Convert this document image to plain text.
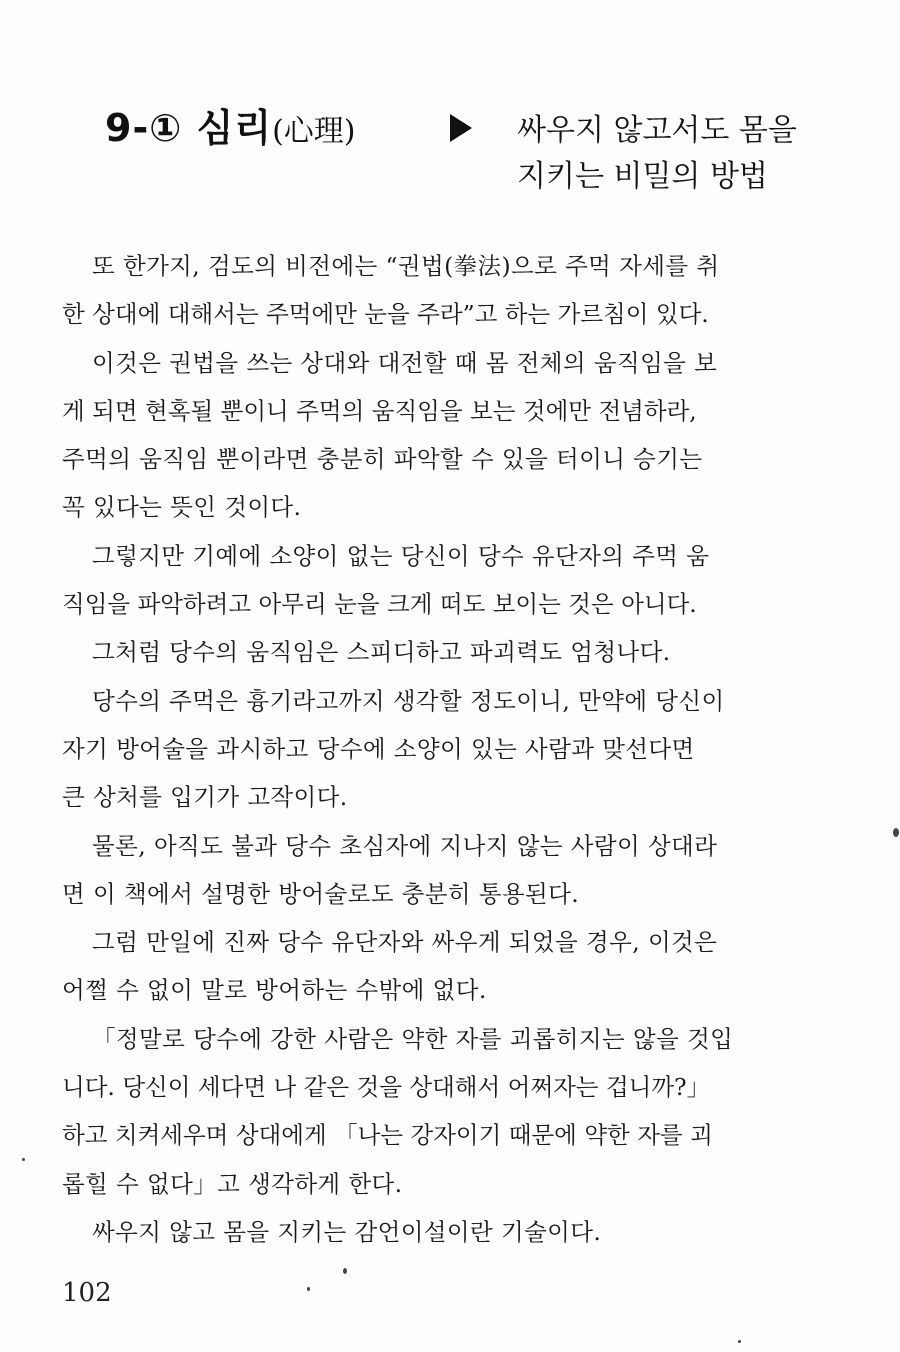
9-① 심리(心理)	싸우지 않고서도 몸을
지키는 비밀의 방법
또 한가지, 검도의 비전에는 “권법(拳法)으로 주먹 자세를 취
한 상대에 대해서는 주먹에만 눈을 주라”고 하는 가르침이 있다.
이것은 권법을 쓰는 상대와 대전할 때 몸 전체의 움직임을 보
게 되면 현혹될 뿐이니 주먹의 움직임을 보는 것에만 전념하라,
주먹의 움직임 뿐이라면 충분히 파악할 수 있을 터이니 승기는
꼭 있다는 뜻인 것이다.
그렇지만 기예에 소양이 없는 당신이 당수 유단자의 주먹 움
직임을 파악하려고 아무리 눈을 크게 떠도 보이는 것은 아니다.
그처럼 당수의 움직임은 스피디하고 파괴력도 엄청나다.
당수의 주먹은 흉기라고까지 생각할 정도이니, 만약에 당신이
자기 방어술을 과시하고 당수에 소양이 있는 사람과 맞선다면
큰 상처를 입기가 고작이다.
물론, 아직도 불과 당수 초심자에 지나지 않는 사람이 상대라
면 이 책에서 설명한 방어술로도 충분히 통용된다.
그럼 만일에 진짜 당수 유단자와 싸우게 되었을 경우, 이것은
어쩔 수 없이 말로 방어하는 수밖에 없다.
「정말로 당수에 강한 사람은 약한 자를 괴롭히지는 않을 것입
니다. 당신이 세다면 나 같은 것을 상대해서 어쩌자는 겁니까?」
하고 치켜세우며 상대에게 「나는 강자이기 때문에 약한 자를 괴
롭힐 수 없다」고 생각하게 한다.
싸우지 않고 몸을 지키는 감언이설이란 기술이다.
102
